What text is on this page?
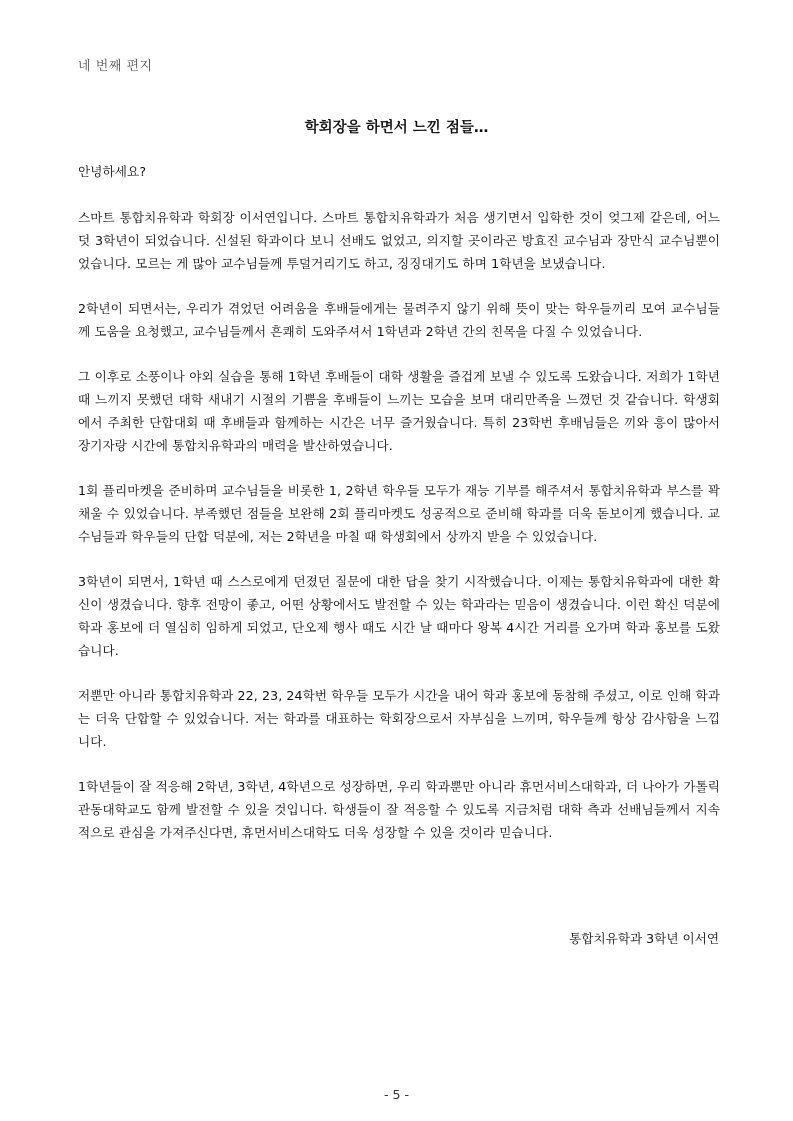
네 번째 편지
학회장을 하면서 느낀 점들…

안녕하세요?

스마트 통합치유학과 학회장 이서연입니다. 스마트 통합치유학과가 처음 생기면서 입학한 것이 엊그제 같은데, 어느덧 3학년이 되었습니다. 신설된 학과이다 보니 선배도 없었고, 의지할 곳이라곤 방효진 교수님과 장만식 교수님뿐이었습니다. 모르는 게 많아 교수님들께 투덜거리기도 하고, 징징대기도 하며 1학년을 보냈습니다.

2학년이 되면서는, 우리가 겪었던 어려움을 후배들에게는 물려주지 않기 위해 뜻이 맞는 학우들끼리 모여 교수님들께 도움을 요청했고, 교수님들께서 흔쾌히 도와주셔서 1학년과 2학년 간의 친목을 다질 수 있었습니다.

그 이후로 소풍이나 야외 실습을 통해 1학년 후배들이 대학 생활을 즐겁게 보낼 수 있도록 도왔습니다. 저희가 1학년 때 느끼지 못했던 대학 새내기 시절의 기쁨을 후배들이 느끼는 모습을 보며 대리만족을 느꼈던 것 같습니다. 학생회에서 주최한 단합대회 때 후배들과 함께하는 시간은 너무 즐거웠습니다. 특히 23학번 후배님들은 끼와 흥이 많아서 장기자랑 시간에 통합치유학과의 매력을 발산하였습니다.

1회 플리마켓을 준비하며 교수님들을 비롯한 1, 2학년 학우들 모두가 재능 기부를 해주셔서 통합치유학과 부스를 꽉 채울 수 있었습니다. 부족했던 점들을 보완해 2회 플리마켓도 성공적으로 준비해 학과를 더욱 돋보이게 했습니다. 교수님들과 학우들의 단합 덕분에, 저는 2학년을 마칠 때 학생회에서 상까지 받을 수 있었습니다.

3학년이 되면서, 1학년 때 스스로에게 던졌던 질문에 대한 답을 찾기 시작했습니다. 이제는 통합치유학과에 대한 확신이 생겼습니다. 향후 전망이 좋고, 어떤 상황에서도 발전할 수 있는 학과라는 믿음이 생겼습니다. 이런 확신 덕분에 학과 홍보에 더 열심히 임하게 되었고, 단오제 행사 때도 시간 날 때마다 왕복 4시간 거리를 오가며 학과 홍보를 도왔습니다.

저뿐만 아니라 통합치유학과 22, 23, 24학번 학우들 모두가 시간을 내어 학과 홍보에 동참해 주셨고, 이로 인해 학과는 더욱 단합할 수 있었습니다. 저는 학과를 대표하는 학회장으로서 자부심을 느끼며, 학우들께 항상 감사함을 느낍니다.

1학년들이 잘 적응해 2학년, 3학년, 4학년으로 성장하면, 우리 학과뿐만 아니라 휴먼서비스대학과, 더 나아가 가톨릭관동대학교도 함께 발전할 수 있을 것입니다. 학생들이 잘 적응할 수 있도록 지금처럼 대학 측과 선배님들께서 지속적으로 관심을 가져주신다면, 휴먼서비스대학도 더욱 성장할 수 있을 것이라 믿습니다.

통합치유학과 3학년 이서연
- 5 -
